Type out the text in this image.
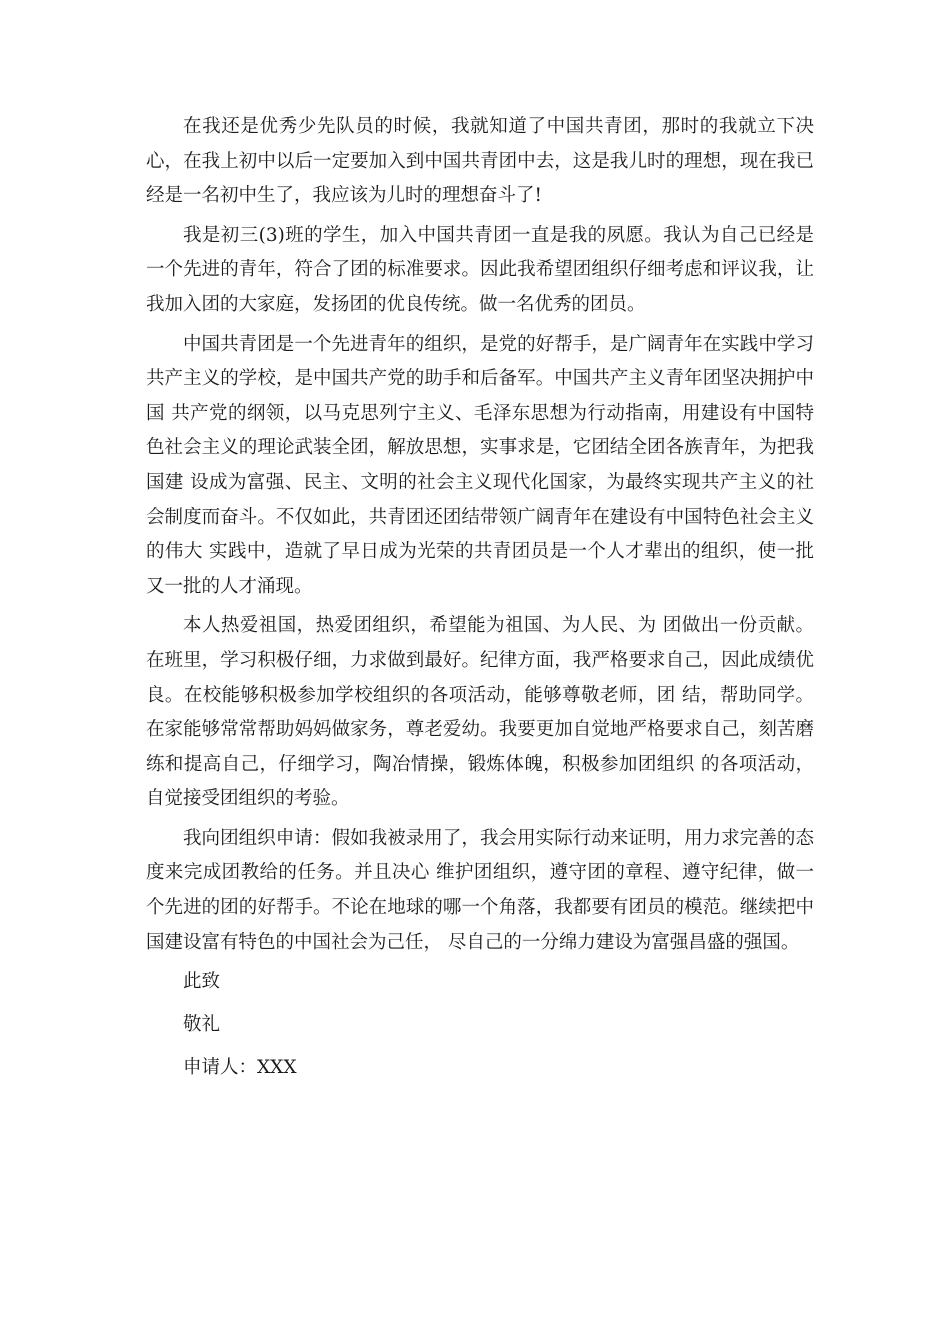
在我还是优秀少先队员的时候，我就知道了中国共青团，那时的我就立下决心，在我上初中以后一定要加入到中国共青团中去，这是我儿时的理想，现在我已经是一名初中生了，我应该为儿时的理想奋斗了!

我是初三(3)班的学生，加入中国共青团一直是我的夙愿。我认为自己已经是一个先进的青年，符合了团的标准要求。因此我希望团组织仔细考虑和评议我，让我加入团的大家庭，发扬团的优良传统。做一名优秀的团员。

中国共青团是一个先进青年的组织，是党的好帮手，是广阔青年在实践中学习共产主义的学校，是中国共产党的助手和后备军。中国共产主义青年团坚决拥护中国 共产党的纲领，以马克思列宁主义、毛泽东思想为行动指南，用建设有中国特色社会主义的理论武装全团，解放思想，实事求是，它团结全团各族青年，为把我国建 设成为富强、民主、文明的社会主义现代化国家，为最终实现共产主义的社会制度而奋斗。不仅如此，共青团还团结带领广阔青年在建设有中国特色社会主义的伟大 实践中，造就了早日成为光荣的共青团员是一个人才辈出的组织，使一批又一批的人才涌现。

本人热爱祖国，热爱团组织，希望能为祖国、为人民、为 团做出一份贡献。在班里，学习积极仔细，力求做到最好。纪律方面，我严格要求自己，因此成绩优良。在校能够积极参加学校组织的各项活动，能够尊敬老师，团 结，帮助同学。在家能够常常帮助妈妈做家务，尊老爱幼。我要更加自觉地严格要求自己，刻苦磨练和提高自己，仔细学习，陶冶情操，锻炼体魄，积极参加团组织 的各项活动，自觉接受团组织的考验。

我向团组织申请：假如我被录用了，我会用实际行动来证明，用力求完善的态度来完成团教给的任务。并且决心 维护团组织，遵守团的章程、遵守纪律，做一个先进的团的好帮手。不论在地球的哪一个角落，我都要有团员的模范。继续把中国建设富有特色的中国社会为己任， 尽自己的一分绵力建设为富强昌盛的强国。

此致
敬礼
申请人：XXX
